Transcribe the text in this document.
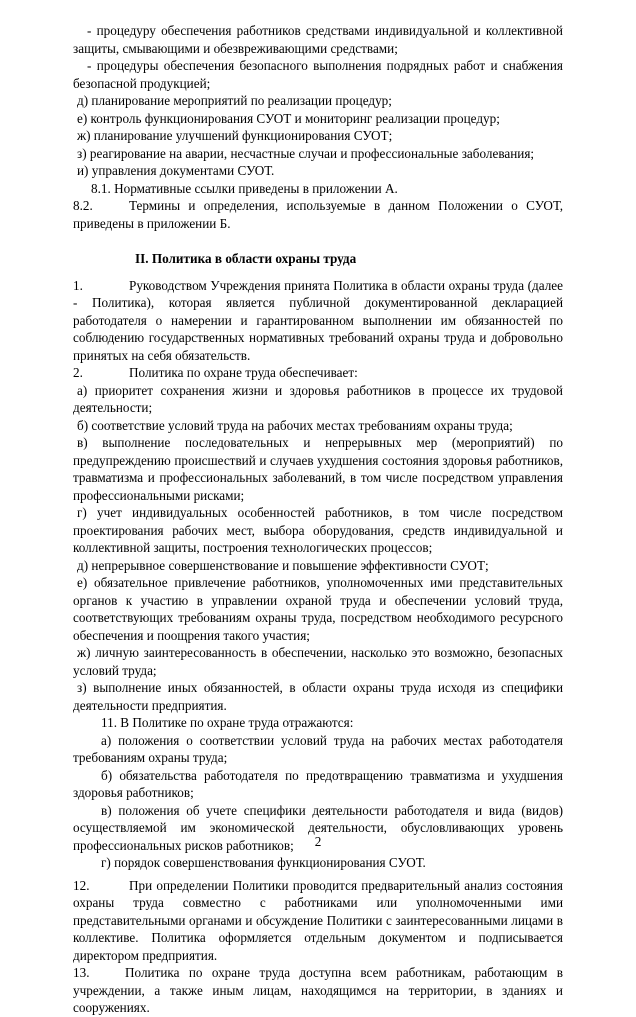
- процедуру обеспечения работников средствами индивидуальной и коллективной защиты, смывающими и обезвреживающими средствами;

- процедуры обеспечения безопасного выполнения подрядных работ и снабжения безопасной продукцией;

д) планирование мероприятий по реализации процедур;

е) контроль функционирования СУОТ и мониторинг реализации процедур;

ж) планирование улучшений функционирования СУОТ;

з) реагирование на аварии, несчастные случаи и профессиональные заболевания;

и) управления документами СУОТ.

8.1. Нормативные ссылки приведены в приложении А.

8.2.	Термины и определения, используемые в данном Положении о СУОТ, приведены в приложении Б.

II. Политика в области охраны труда

1.	Руководством Учреждения принята Политика в области охраны труда (далее - Политика), которая является публичной документированной декларацией работодателя о намерении и гарантированном выполнении им обязанностей по соблюдению государственных нормативных требований охраны труда и добровольно принятых на себя обязательств.

2.	Политика по охране труда обеспечивает:

а) приоритет сохранения жизни и здоровья работников в процессе их трудовой деятельности;

б) соответствие условий труда на рабочих местах требованиям охраны труда;

в) выполнение последовательных и непрерывных мер (мероприятий) по предупреждению происшествий и случаев ухудшения состояния здоровья работников, травматизма и профессиональных заболеваний, в том числе посредством управления профессиональными рисками;

г) учет индивидуальных особенностей работников, в том числе посредством проектирования рабочих мест, выбора оборудования, средств индивидуальной и коллективной защиты, построения технологических процессов;

д) непрерывное совершенствование и повышение эффективности СУОТ;

е) обязательное привлечение работников, уполномоченных ими представительных органов к участию в управлении охраной труда и обеспечении условий труда, соответствующих требованиям охраны труда, посредством необходимого ресурсного обеспечения и поощрения такого участия;

ж) личную заинтересованность в обеспечении, насколько это возможно, безопасных условий труда;

з) выполнение иных обязанностей, в области охраны труда исходя из специфики деятельности предприятия.

11. В Политике по охране труда отражаются:

а) положения о соответствии условий труда на рабочих местах работодателя требованиям охраны труда;

б) обязательства работодателя по предотвращению травматизма и ухудшения здоровья работников;

в) положения об учете специфики деятельности работодателя и вида (видов) осуществляемой им экономической деятельности, обусловливающих уровень профессиональных рисков работников;

г) порядок совершенствования функционирования СУОТ.

12.	При определении Политики проводится предварительный анализ состояния охраны труда совместно с работниками или уполномоченными ими представительными органами и обсуждение Политики с заинтересованными лицами в коллективе. Политика оформляется отдельным документом и подписывается директором предприятия.

13.	Политика по охране труда доступна всем работникам, работающим в учреждении, а также иным лицам, находящимся на территории, в зданиях и сооружениях.

2
